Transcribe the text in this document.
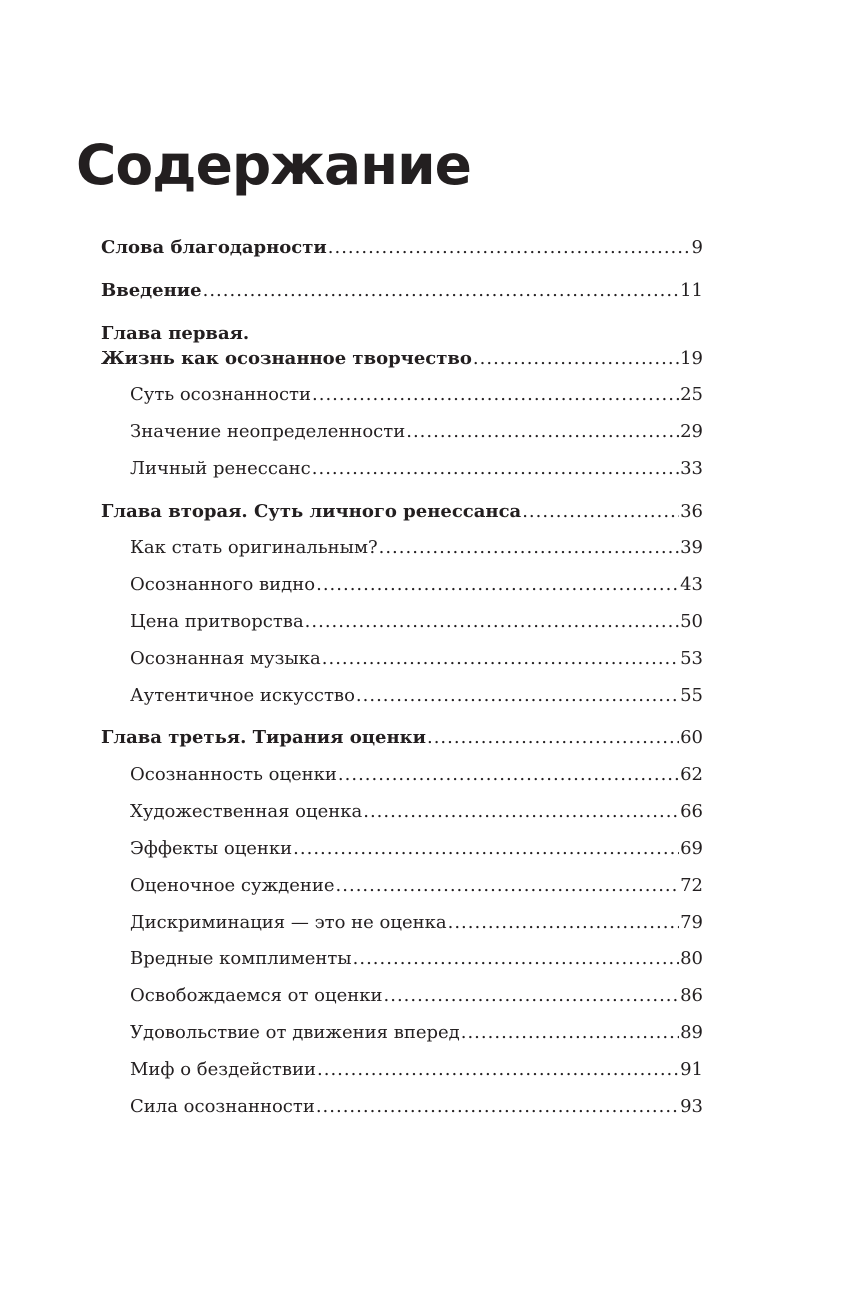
Содержание
Слова благодарности .....	9
Введение .....	11
Глава первая.
Жизнь как осознанное творчество .....	19
Суть осознанности .....	25
Значение неопределенности .....	29
Личный ренессанс .....	33
Глава вторая. Суть личного ренессанса .....	36
Как стать оригинальным? .....	39
Осознанного видно .....	43
Цена притворства .....	50
Осознанная музыка .....	53
Аутентичное искусство .....	55
Глава третья. Тирания оценки .....	60
Осознанность оценки .....	62
Художественная оценка .....	66
Эффекты оценки .....	69
Оценочное суждение .....	72
Дискриминация — это не оценка .....	79
Вредные комплименты .....	80
Освобождаемся от оценки .....	86
Удовольствие от движения вперед .....	89
Миф о бездействии .....	91
Сила осознанности .....	93
